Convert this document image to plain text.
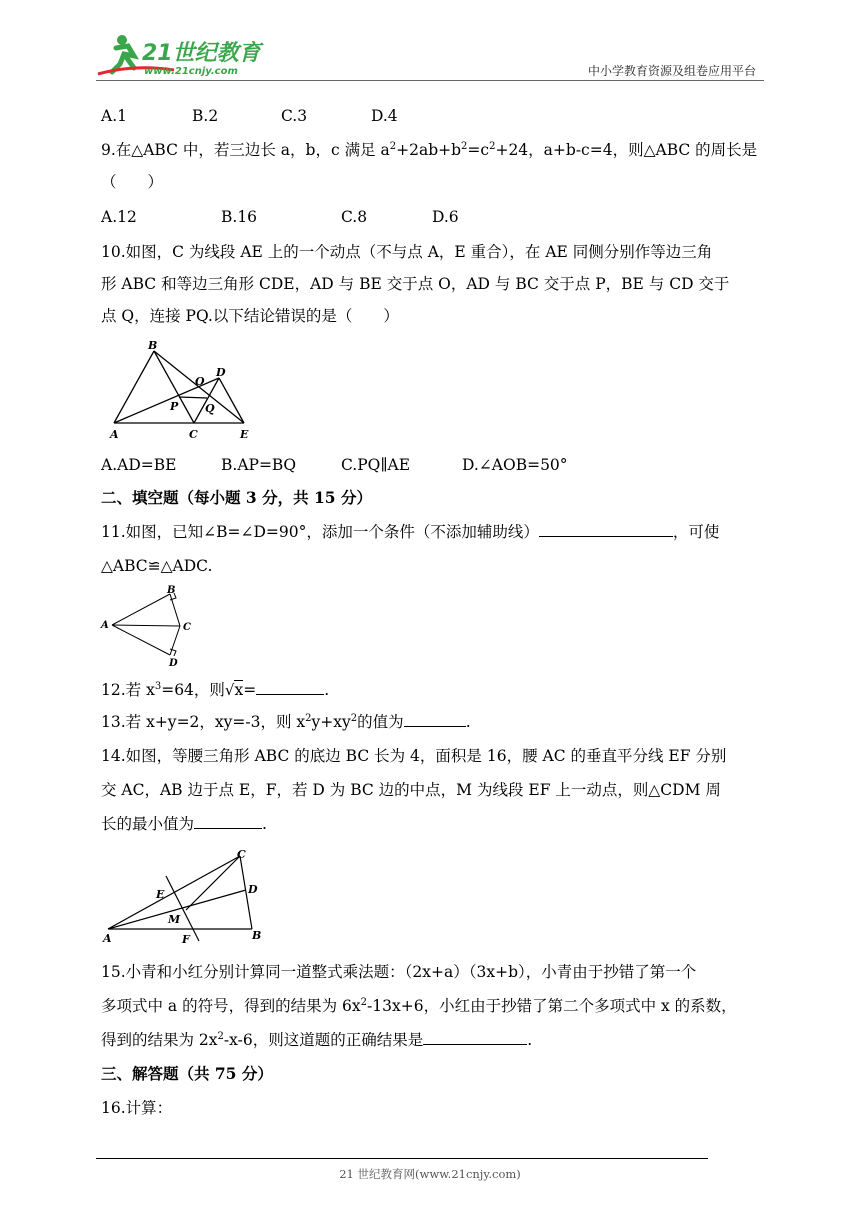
21世纪教育
www.21cnjy.com	中小学教育资源及组卷应用平台
A.1	B.2	C.3	D.4
9.在△ABC 中，若三边长 a，b，c 满足 $a^2+2ab+b^2=c^2+24$，a+b-c=4，则△ABC 的周长是
（　　）
A.12	B.16	C.8	D.6
10.如图，C 为线段 AE 上的一个动点（不与点 A，E 重合），在 AE 同侧分别作等边三角
形 ABC 和等边三角形 CDE，AD 与 BE 交于点 O，AD 与 BC 交于点 P，BE 与 CD 交于
点 Q，连接 PQ.以下结论错误的是（　　）
B
A	C	E
D
O
P Q
A.AD=BE	B.AP=BQ	C.PQ∥AE	D.∠AOB=50°
二、填空题（每小题 3 分，共 15 分）
11.如图，已知∠B=∠D=90°，添加一个条件（不添加辅助线）	，可使
△ABC≌△ADC.
A
B
C
D
12.若 $x^3=64$，则√x=	.
13.若 x+y=2，xy=-3，则 $x^2y+xy^2$的值为	.
14.如图，等腰三角形 ABC 的底边 BC 长为 4，面积是 16，腰 AC 的垂直平分线 EF 分别
交 AC，AB 边于点 E，F，若 D 为 BC 边的中点，M 为线段 EF 上一动点，则△CDM 周
长的最小值为	.
C
D
B
A
E
M
F
15.小青和小红分别计算同一道整式乘法题：（2x+a）（3x+b），小青由于抄错了第一个
多项式中 a 的符号，得到的结果为 $6x^2-13x+6$，小红由于抄错了第二个多项式中 x 的系数，
得到的结果为 $2x^2-x-6$，则这道题的正确结果是	.
三、解答题（共 75 分）
16.计算：
21 世纪教育网(www.21cnjy.com)
